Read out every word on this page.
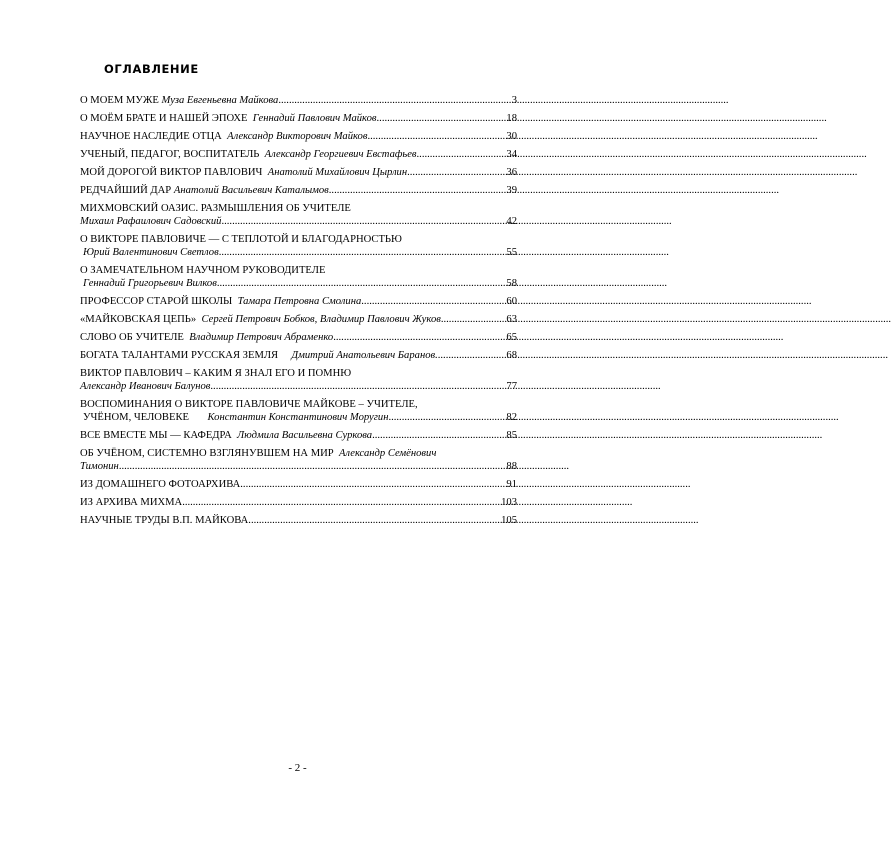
ОГЛАВЛЕНИЕ
О МОЕМ МУЖЕ Муза Евгеньевна Майкова .....	3
О МОЁМ БРАТЕ И НАШЕЙ ЭПОХЕ Геннадий Павлович Майков .....	18
НАУЧНОЕ НАСЛЕДИЕ ОТЦА Александр Викторович Майков .....	30
УЧЕНЫЙ, ПЕДАГОГ, ВОСПИТАТЕЛЬ Александр Георгиевич Евстафьев .....	34
МОЙ ДОРОГОЙ ВИКТОР ПАВЛОВИЧ Анатолий Михайлович Цырлин .....	36
РЕДЧАЙШИЙ ДАР Анатолий Васильевич Каталымов .....	39
МИХМОВСКИЙ ОАЗИС. РАЗМЫШЛЕНИЯ ОБ УЧИТЕЛЕ
Михаил Рафаилович Садовский .....	42
О ВИКТОРЕ ПАВЛОВИЧЕ — С ТЕПЛОТОЙ И БЛАГОДАРНОСТЬЮ
Юрий Валентинович Светлов .....	55
О ЗАМЕЧАТЕЛЬНОМ НАУЧНОМ РУКОВОДИТЕЛЕ
Геннадий Григорьевич Вилков .....	58
ПРОФЕССОР СТАРОЙ ШКОЛЫ Тамара Петровна Смолина .....	60
«МАЙКОВСКАЯ ЦЕПЬ» Сергей Петрович Бобков, Владимир Павлович Жуков .....	63
СЛОВО ОБ УЧИТЕЛЕ Владимир Петрович Абраменко .....	65
БОГАТА ТАЛАНТАМИ РУССКАЯ ЗЕМЛЯ Дмитрий Анатольевич Баранов. .....	68
ВИКТОР ПАВЛОВИЧ – КАКИМ Я ЗНАЛ ЕГО И ПОМНЮ
Александр Иванович Балунов .....	77
ВОСПОМИНАНИЯ О ВИКТОРЕ ПАВЛОВИЧЕ МАЙКОВЕ – УЧИТЕЛЕ,
УЧЁНОМ, ЧЕЛОВЕКЕ Константин Константинович Моругин .....	82
ВСЕ ВМЕСТЕ МЫ — КАФЕДРА Людмила Васильевна Суркова .....	85
ОБ УЧЁНОМ, СИСТЕМНО ВЗГЛЯНУВШЕМ НА МИР Александр Семёнович
Тимонин .....	88
ИЗ ДОМАШНЕГО ФОТОАРХИВА .....	91
ИЗ АРХИВА МИХМА .....	103
НАУЧНЫЕ ТРУДЫ В.П. МАЙКОВА .....	105
- 2 -
